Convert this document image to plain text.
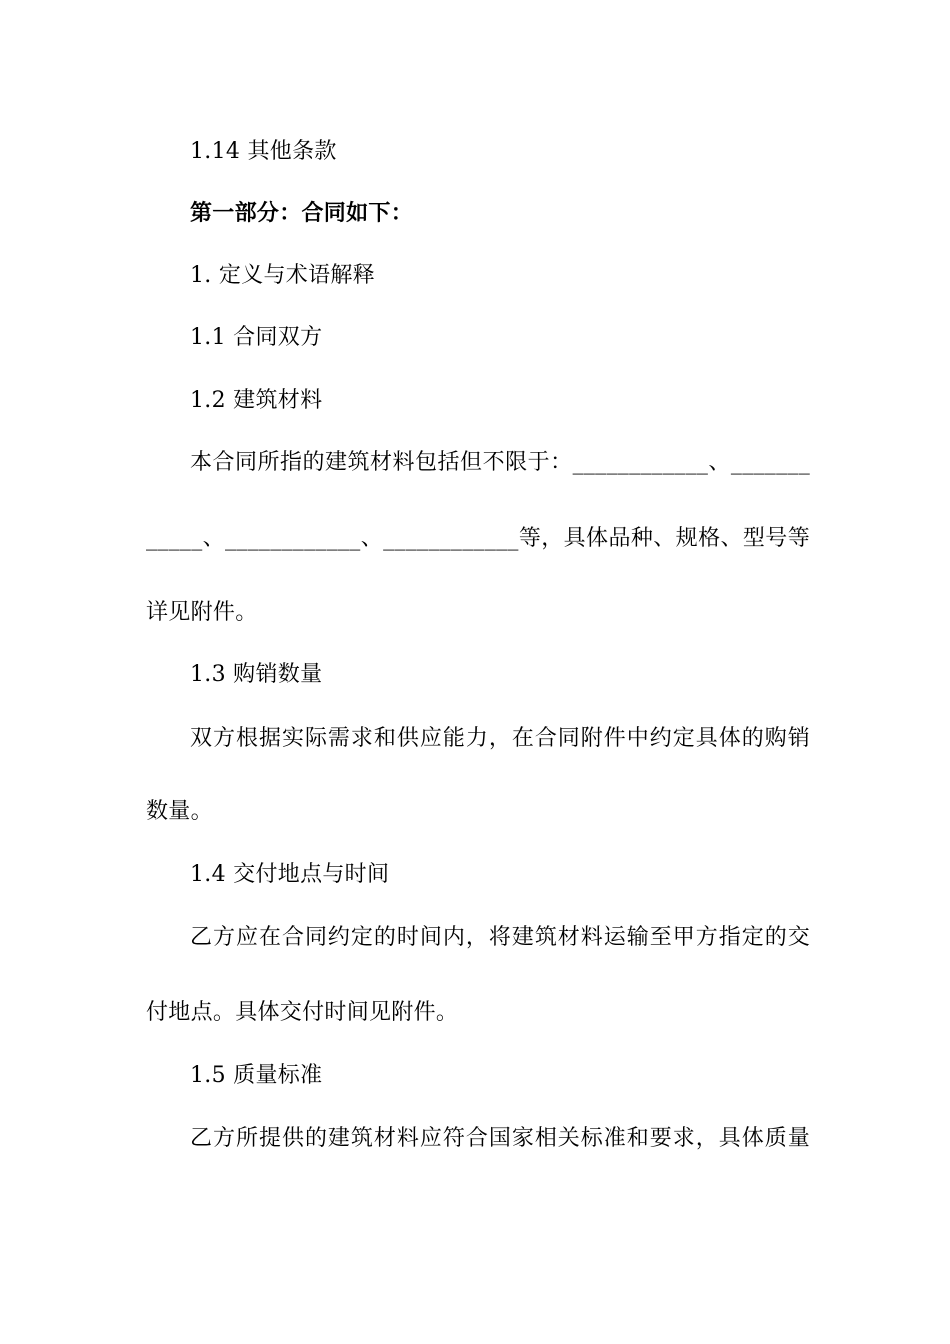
1.14 其他条款
第一部分：合同如下：
1. 定义与术语解释
1.1 合同双方
1.2 建筑材料
本合同所指的建筑材料包括但不限于：____________、_______
_____、____________、____________等，具体品种、规格、型号等
详见附件。
1.3 购销数量
双方根据实际需求和供应能力，在合同附件中约定具体的购销
数量。
1.4 交付地点与时间
乙方应在合同约定的时间内，将建筑材料运输至甲方指定的交
付地点。具体交付时间见附件。
1.5 质量标准
乙方所提供的建筑材料应符合国家相关标准和要求，具体质量
